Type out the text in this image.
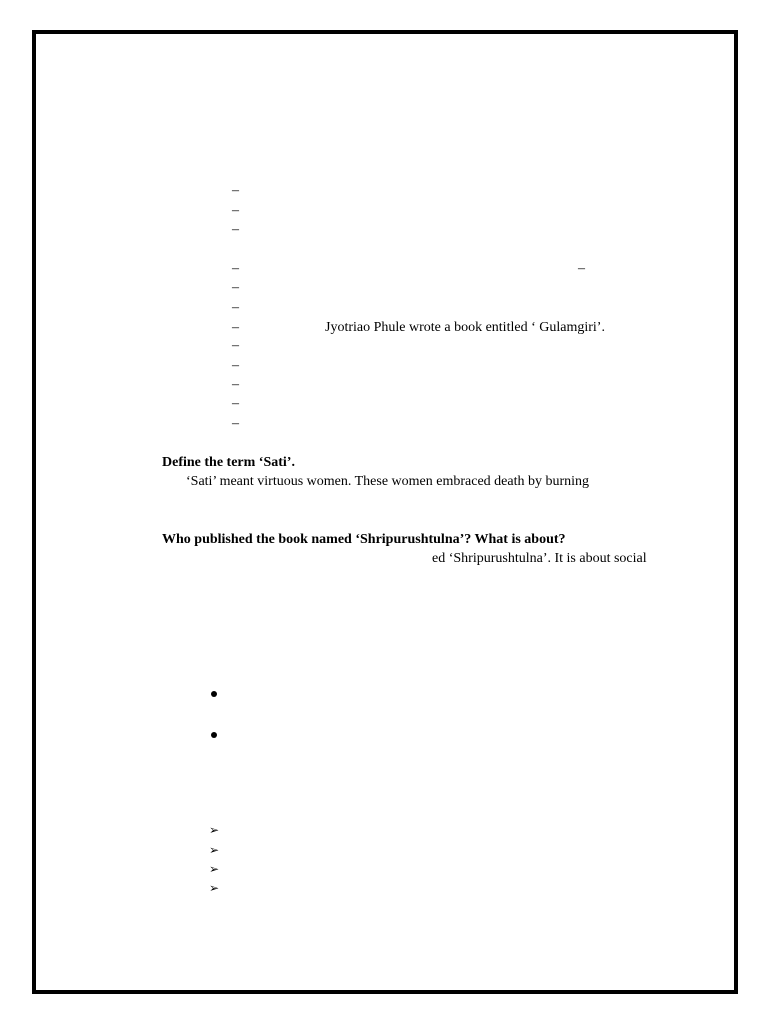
–
–
–
–	–
–
–
–	Jyotriao Phule wrote a book entitled ‘ Gulamgiri’.
–
–
–
–
–
Define the term ‘Sati’.
‘Sati’ meant virtuous women. These women embraced death by burning
Who published the book named ‘Shripurushtulna’? What is about?
ed ‘Shripurushtulna’. It is about social
➢
➢
➢
➢
